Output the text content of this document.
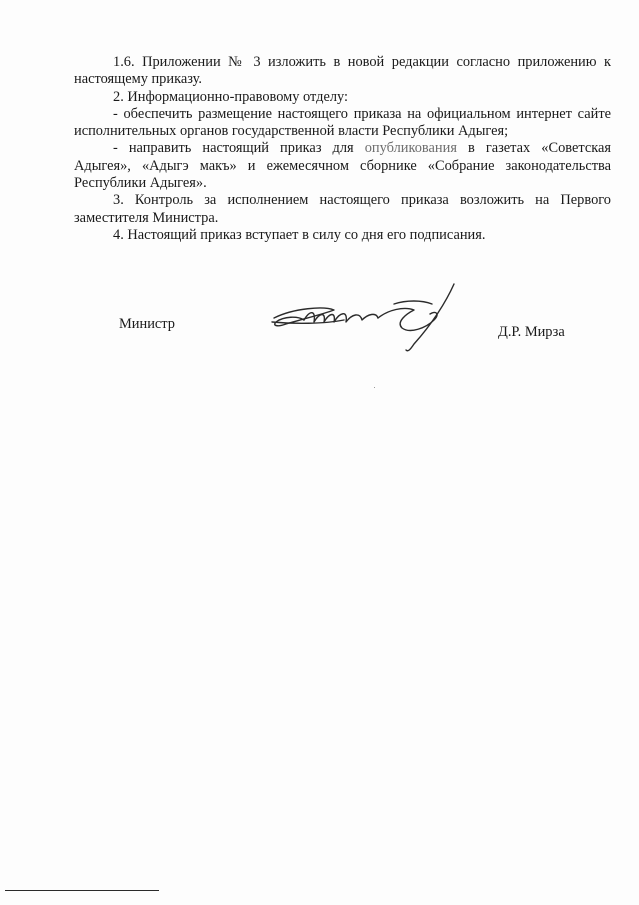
1.6. Приложении № 3 изложить в новой редакции согласно приложению к настоящему приказу.

2. Информационно-правовому отделу:

- обеспечить размещение настоящего приказа на официальном интернет сайте исполнительных органов государственной власти Республики Адыгея;

- направить настоящий приказ для опубликования в газетах «Советская Адыгея», «Адыгэ макъ» и ежемесячном сборнике «Собрание законодательства Республики Адыгея».

3. Контроль за исполнением настоящего приказа возложить на Первого заместителя Министра.

4. Настоящий приказ вступает в силу со дня его подписания.

Министр	Д.Р. Мирза
